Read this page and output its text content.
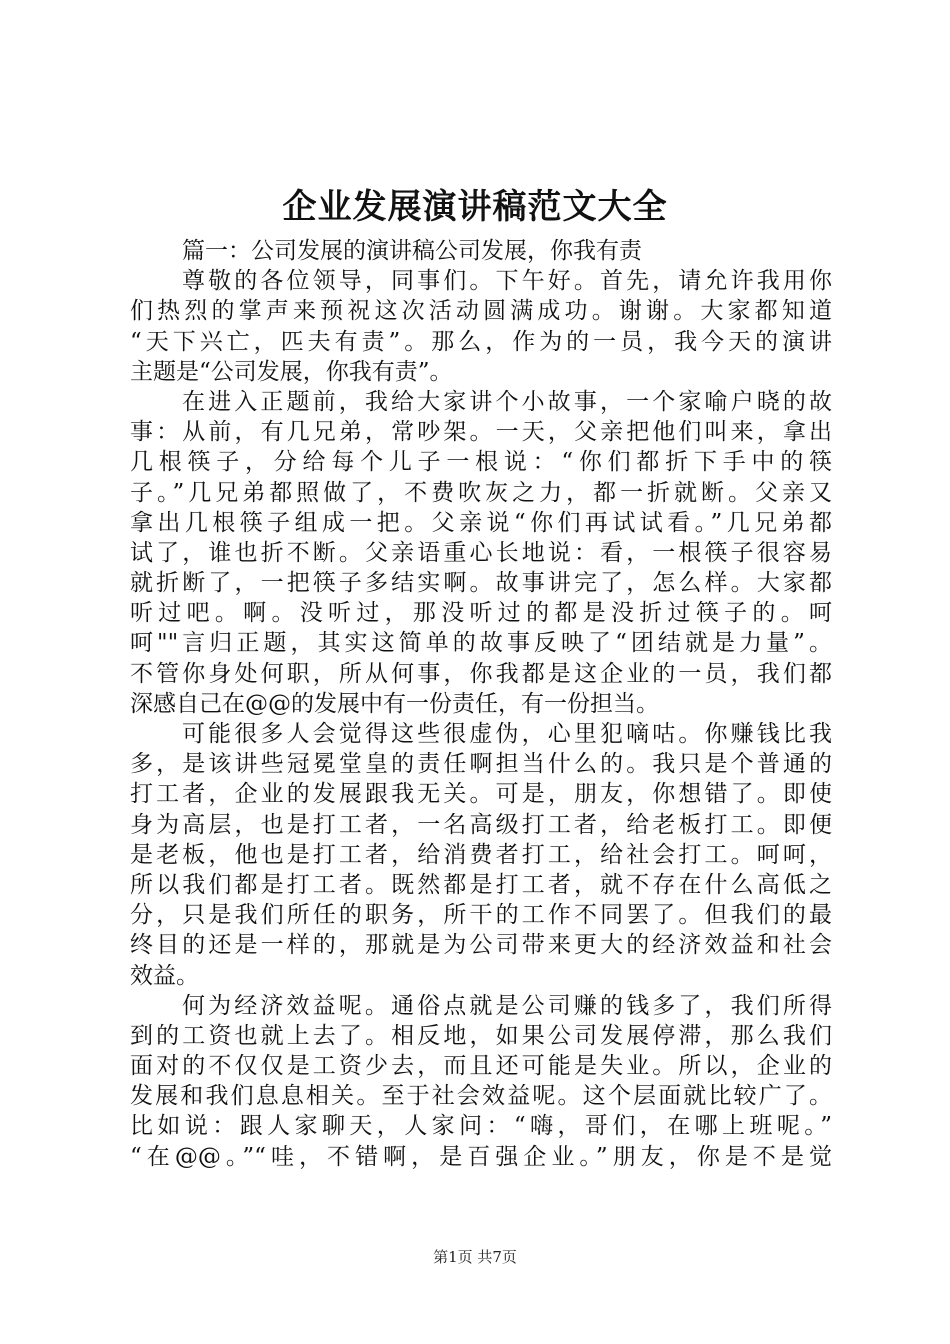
企业发展演讲稿范文大全
篇一：公司发展的演讲稿公司发展，你我有责
尊敬的各位领导，同事们。下午好。首先，请允许我用你
们热烈的掌声来预祝这次活动圆满成功。谢谢。大家都知道
“天下兴亡，匹夫有责”。那么，作为的一员，我今天的演讲
主题是“公司发展，你我有责”。
在进入正题前，我给大家讲个小故事，一个家喻户晓的故
事：从前，有几兄弟，常吵架。一天，父亲把他们叫来，拿出
几根筷子，分给每个儿子一根说：“你们都折下手中的筷
子。”几兄弟都照做了，不费吹灰之力，都一折就断。父亲又
拿出几根筷子组成一把。父亲说“你们再试试看。”几兄弟都
试了，谁也折不断。父亲语重心长地说：看，一根筷子很容易
就折断了，一把筷子多结实啊。故事讲完了，怎么样。大家都
听过吧。啊。没听过，那没听过的都是没折过筷子的。呵
呵""言归正题，其实这简单的故事反映了“团结就是力量”。
不管你身处何职，所从何事，你我都是这企业的一员，我们都
深感自己在@@的发展中有一份责任，有一份担当。
可能很多人会觉得这些很虚伪，心里犯嘀咕。你赚钱比我
多，是该讲些冠冕堂皇的责任啊担当什么的。我只是个普通的
打工者，企业的发展跟我无关。可是，朋友，你想错了。即使
身为高层，也是打工者，一名高级打工者，给老板打工。即便
是老板，他也是打工者，给消费者打工，给社会打工。呵呵，
所以我们都是打工者。既然都是打工者，就不存在什么高低之
分，只是我们所任的职务，所干的工作不同罢了。但我们的最
终目的还是一样的，那就是为公司带来更大的经济效益和社会
效益。
何为经济效益呢。通俗点就是公司赚的钱多了，我们所得
到的工资也就上去了。相反地，如果公司发展停滞，那么我们
面对的不仅仅是工资少去，而且还可能是失业。所以，企业的
发展和我们息息相关。至于社会效益呢。这个层面就比较广了。
比如说：跟人家聊天，人家问：“嗨，哥们，在哪上班呢。”
“在@@。”“哇，不错啊，是百强企业。”朋友，你是不是觉
第1页 共7页
